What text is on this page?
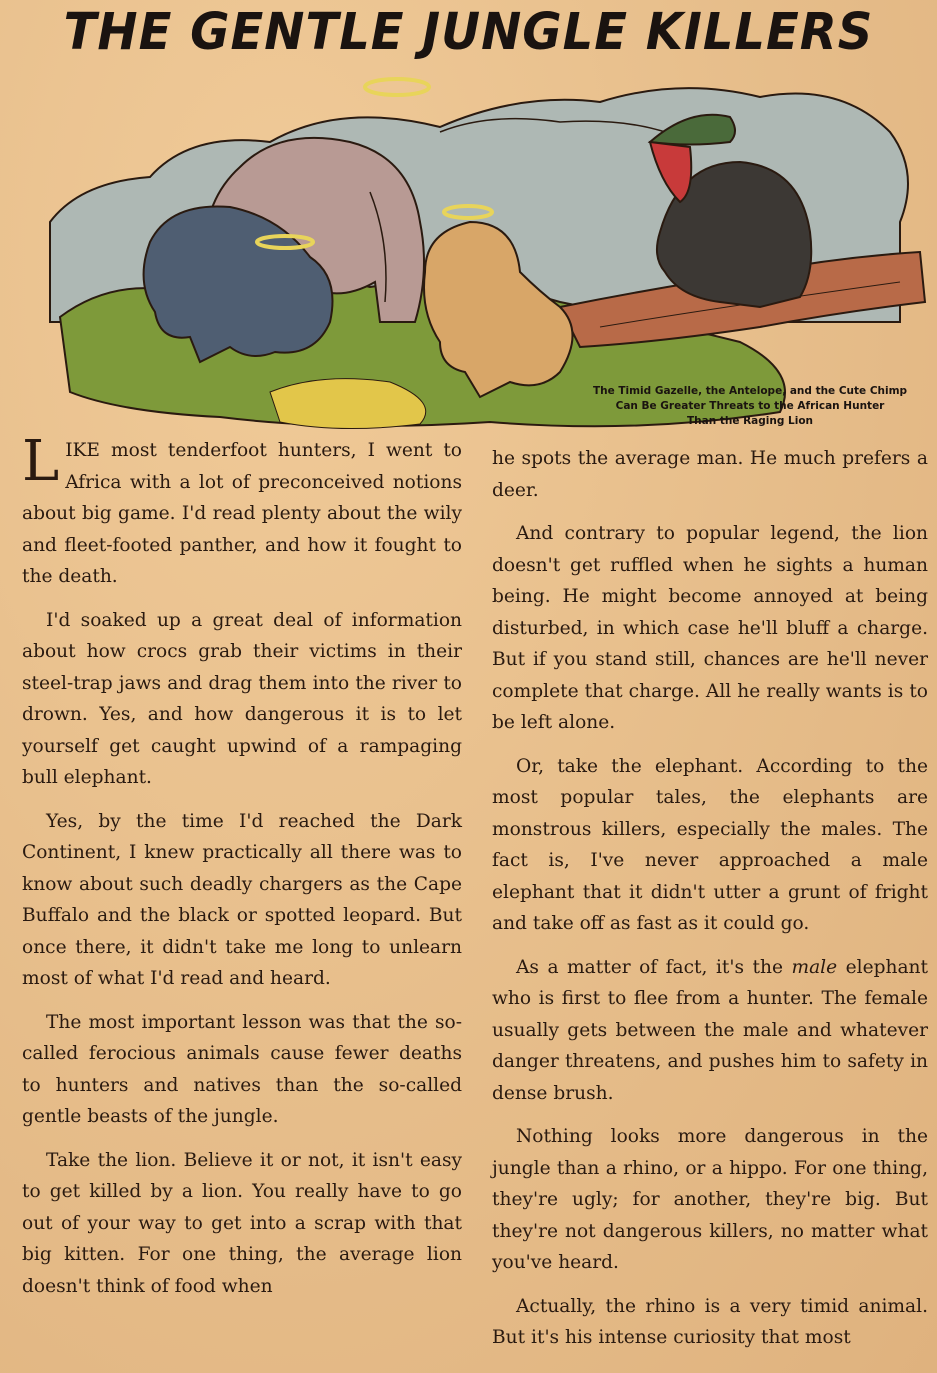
THE GENTLE JUNGLE KILLERS
The Timid Gazelle, the Antelope, and the Cute Chimp
Can Be Greater Threats to the African Hunter
Than the Raging Lion

LIKE most tenderfoot hunters, I went to Africa with a lot of preconceived notions about big game. I'd read plenty about the wily and fleet-footed panther, and how it fought to the death.

I'd soaked up a great deal of information about how crocs grab their victims in their steel-trap jaws and drag them into the river to drown. Yes, and how dangerous it is to let yourself get caught upwind of a rampaging bull elephant.

Yes, by the time I'd reached the Dark Continent, I knew practically all there was to know about such deadly chargers as the Cape Buffalo and the black or spotted leopard. But once there, it didn't take me long to unlearn most of what I'd read and heard.

The most important lesson was that the so-called ferocious animals cause fewer deaths to hunters and natives than the so-called gentle beasts of the jungle.

Take the lion. Believe it or not, it isn't easy to get killed by a lion. You really have to go out of your way to get into a scrap with that big kitten. For one thing, the average lion doesn't think of food when

he spots the average man. He much prefers a deer.

And contrary to popular legend, the lion doesn't get ruffled when he sights a human being. He might become annoyed at being disturbed, in which case he'll bluff a charge. But if you stand still, chances are he'll never complete that charge. All he really wants is to be left alone.

Or, take the elephant. According to the most popular tales, the elephants are monstrous killers, especially the males. The fact is, I've never approached a male elephant that it didn't utter a grunt of fright and take off as fast as it could go.

As a matter of fact, it's the male elephant who is first to flee from a hunter. The female usually gets between the male and whatever danger threatens, and pushes him to safety in dense brush.

Nothing looks more dangerous in the jungle than a rhino, or a hippo. For one thing, they're ugly; for another, they're big. But they're not dangerous killers, no matter what you've heard.

Actually, the rhino is a very timid animal. But it's his intense curiosity that most
